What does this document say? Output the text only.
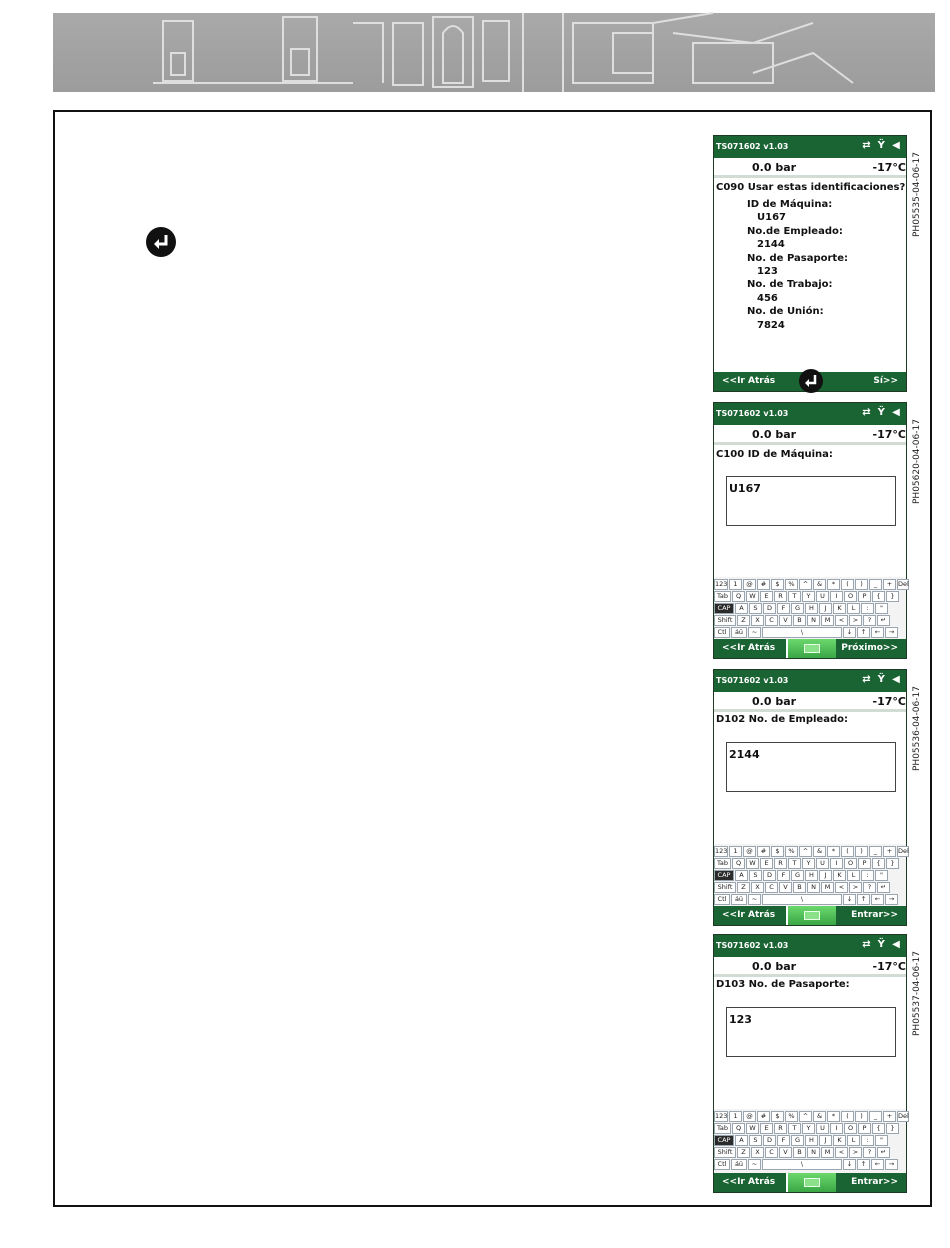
TS071602 v1.03	⇄ Ÿ ◀
0.0 bar	-17°C
C090 Usar estas identificaciones?
ID de Máquina:
U167
No.de Empleado:
2144
No. de Pasaporte:
123
No. de Trabajo:
456
No. de Unión:
7824
<<Ir Atrás	Sí>>
PH05535-04-06-17
TS071602 v1.03	⇄ Ÿ ◀
0.0 bar	-17°C
C100 ID de Máquina:
U167
123 1	@	#	$	%	^	&	*	(	)	_	+ Del
Tab	Q	W	E	R	T	Y	U	I	O	P	{	}
CAP	A	S	D	F	G	H	J	K	L	:	"
Shift	Z	X	C	V	B	N	M	<	>	?	↵
Ctl	áü	~	\	↓	↑	←	→
<<Ir Atrás	Próximo>>
PH05620-04-06-17
TS071602 v1.03	⇄ Ÿ ◀
0.0 bar	-17°C
D102 No. de Empleado:
2144
123 1	@	#	$	%	^	&	*	(	)	_	+ Del
Tab	Q	W	E	R	T	Y	U	I	O	P	{	}
CAP	A	S	D	F	G	H	J	K	L	:	"
Shift	Z	X	C	V	B	N	M	<	>	?	↵
Ctl	áü	~	\	↓	↑	←	→
<<Ir Atrás	Entrar>>
PH05536-04-06-17
TS071602 v1.03	⇄ Ÿ ◀
0.0 bar	-17°C
D103 No. de Pasaporte:
123
123 1	@	#	$	%	^	&	*	(	)	_	+ Del
Tab	Q	W	E	R	T	Y	U	I	O	P	{	}
CAP	A	S	D	F	G	H	J	K	L	:	"
Shift	Z	X	C	V	B	N	M	<	>	?	↵
Ctl	áü	~	\	↓	↑	←	→
<<Ir Atrás	Entrar>>
PH05537-04-06-17
